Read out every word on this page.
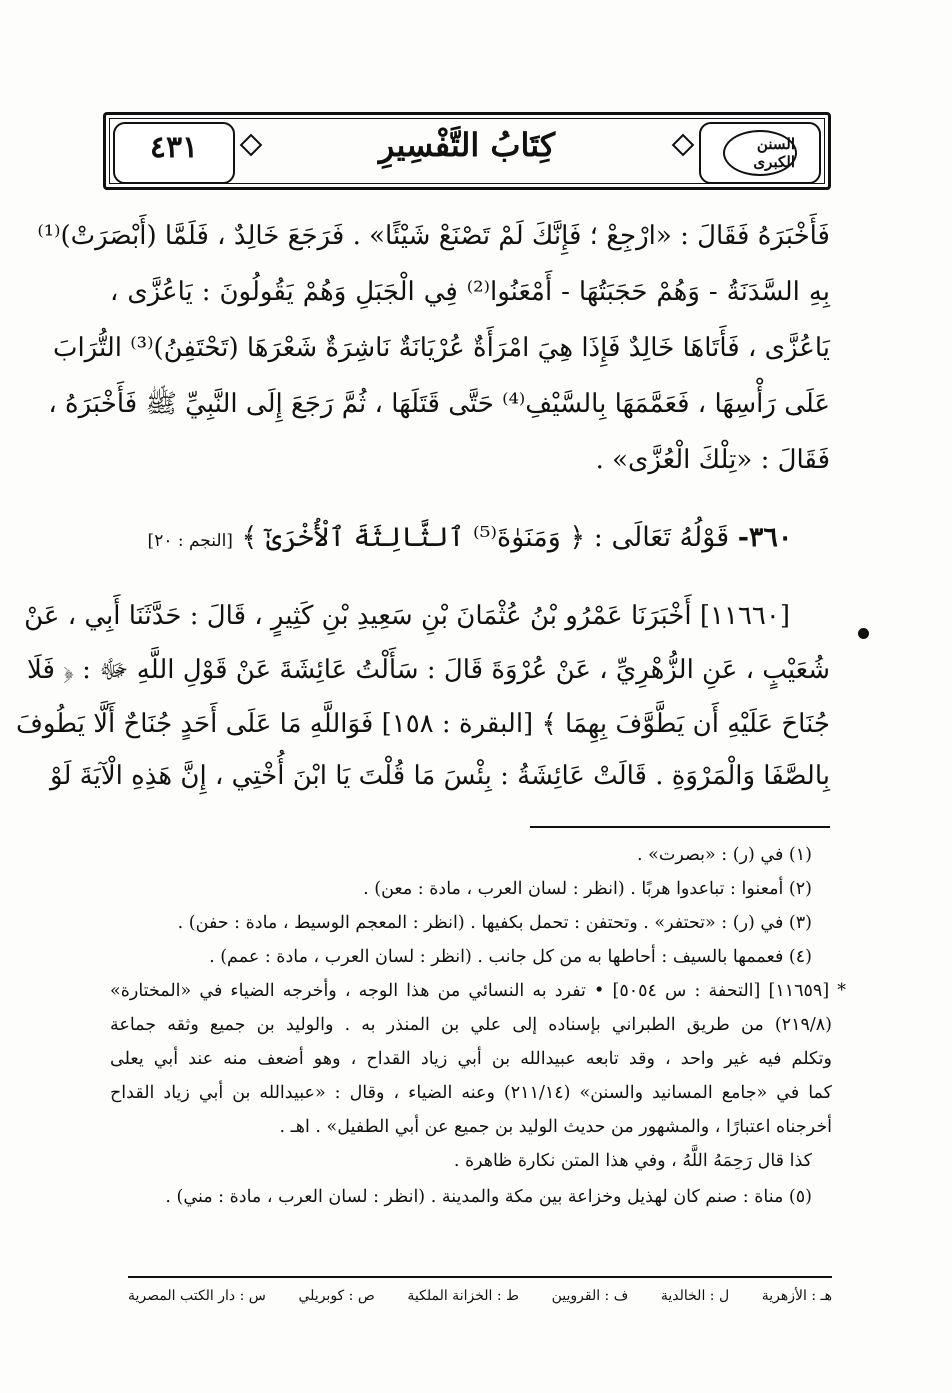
٤٣١	كِتَابُ التَّفْسِيرِ	السنن الكبرى
فَأَخْبَرَهُ فَقَالَ : «ارْجِعْ ؛ فَإِنَّكَ لَمْ تَصْنَعْ شَيْئًا» . فَرَجَعَ خَالِدٌ ، فَلَمَّا (أَبْصَرَتْ)⁽¹⁾
بِهِ السَّدَنَةُ - وَهُمْ حَجَبَتُهَا - أَمْعَنُوا⁽²⁾ فِي الْجَبَلِ وَهُمْ يَقُولُونَ : يَاعُزَّى ،
يَاعُزَّى ، فَأَتَاهَا خَالِدٌ فَإِذَا هِيَ امْرَأَةٌ عُرْيَانَةٌ نَاشِرَةٌ شَعْرَهَا (تَحْتَفِنُ)⁽³⁾ التُّرَابَ
عَلَى رَأْسِهَا ، فَعَمَّمَهَا بِالسَّيْفِ⁽⁴⁾ حَتَّى قَتَلَهَا ، ثُمَّ رَجَعَ إِلَى النَّبِيِّ ﷺ فَأَخْبَرَهُ ،
فَقَالَ : «تِلْكَ الْعُزَّى» .
٣٦٠- قَوْلُهُ تَعَالَى : ﴿ وَمَنَوٰةَ⁽⁵⁾ ٱلثَّالِثَةَ ٱلْأُخْرَىٰٓ ﴾ [النجم : ٢٠]
[١١٦٦٠] أَخْبَرَنَا عَمْرُو بْنُ عُثْمَانَ بْنِ سَعِيدِ بْنِ كَثِيرٍ ، قَالَ : حَدَّثَنَا أَبِي ، عَنْ
شُعَيْبٍ ، عَنِ الزُّهْرِيِّ ، عَنْ عُرْوَةَ قَالَ : سَأَلْتُ عَائِشَةَ عَنْ قَوْلِ اللَّهِ ﷻ : ﴿ فَلَا
جُنَاحَ عَلَيْهِ أَن يَطَّوَّفَ بِهِمَا ﴾ [البقرة : ١٥٨] فَوَاللَّهِ مَا عَلَى أَحَدٍ جُنَاحٌ أَلَّا يَطُوفَ
بِالصَّفَا وَالْمَرْوَةِ . قَالَتْ عَائِشَةُ : بِئْسَ مَا قُلْتَ يَا ابْنَ أُخْتِي ، إِنَّ هَذِهِ الْآيَةَ لَوْ
(١) في (ر) : «بصرت» .
(٢) أمعنوا : تباعدوا هربًا . (انظر : لسان العرب ، مادة : معن) .
(٣) في (ر) : «تحتفر» . وتحتفن : تحمل بكفيها . (انظر : المعجم الوسيط ، مادة : حفن) .
(٤) فعممها بالسيف : أحاطها به من كل جانب . (انظر : لسان العرب ، مادة : عمم) .
* [١١٦٥٩] [التحفة : س ٥٠٥٤] • تفرد به النسائي من هذا الوجه ، وأخرجه الضياء في «المختارة»
(٢١٩/٨) من طريق الطبراني بإسناده إلى علي بن المنذر به . والوليد بن جميع وثقه جماعة
وتكلم فيه غير واحد ، وقد تابعه عبيدالله بن أبي زياد القداح ، وهو أضعف منه عند أبي يعلى
كما في «جامع المسانيد والسنن» (٢١١/١٤) وعنه الضياء ، وقال : «عبيدالله بن أبي زياد القداح
أخرجناه اعتبارًا ، والمشهور من حديث الوليد بن جميع عن أبي الطفيل» . اهـ .
كذا قال رَحِمَهُ اللَّهُ ، وفي هذا المتن نكارة ظاهرة .
(٥) مناة : صنم كان لهذيل وخزاعة بين مكة والمدينة . (انظر : لسان العرب ، مادة : مني) .
س : دار الكتب المصرية ص : كوبريلي ط : الخزانة الملكية ف : القرويين ل : الخالدية هـ : الأزهرية
